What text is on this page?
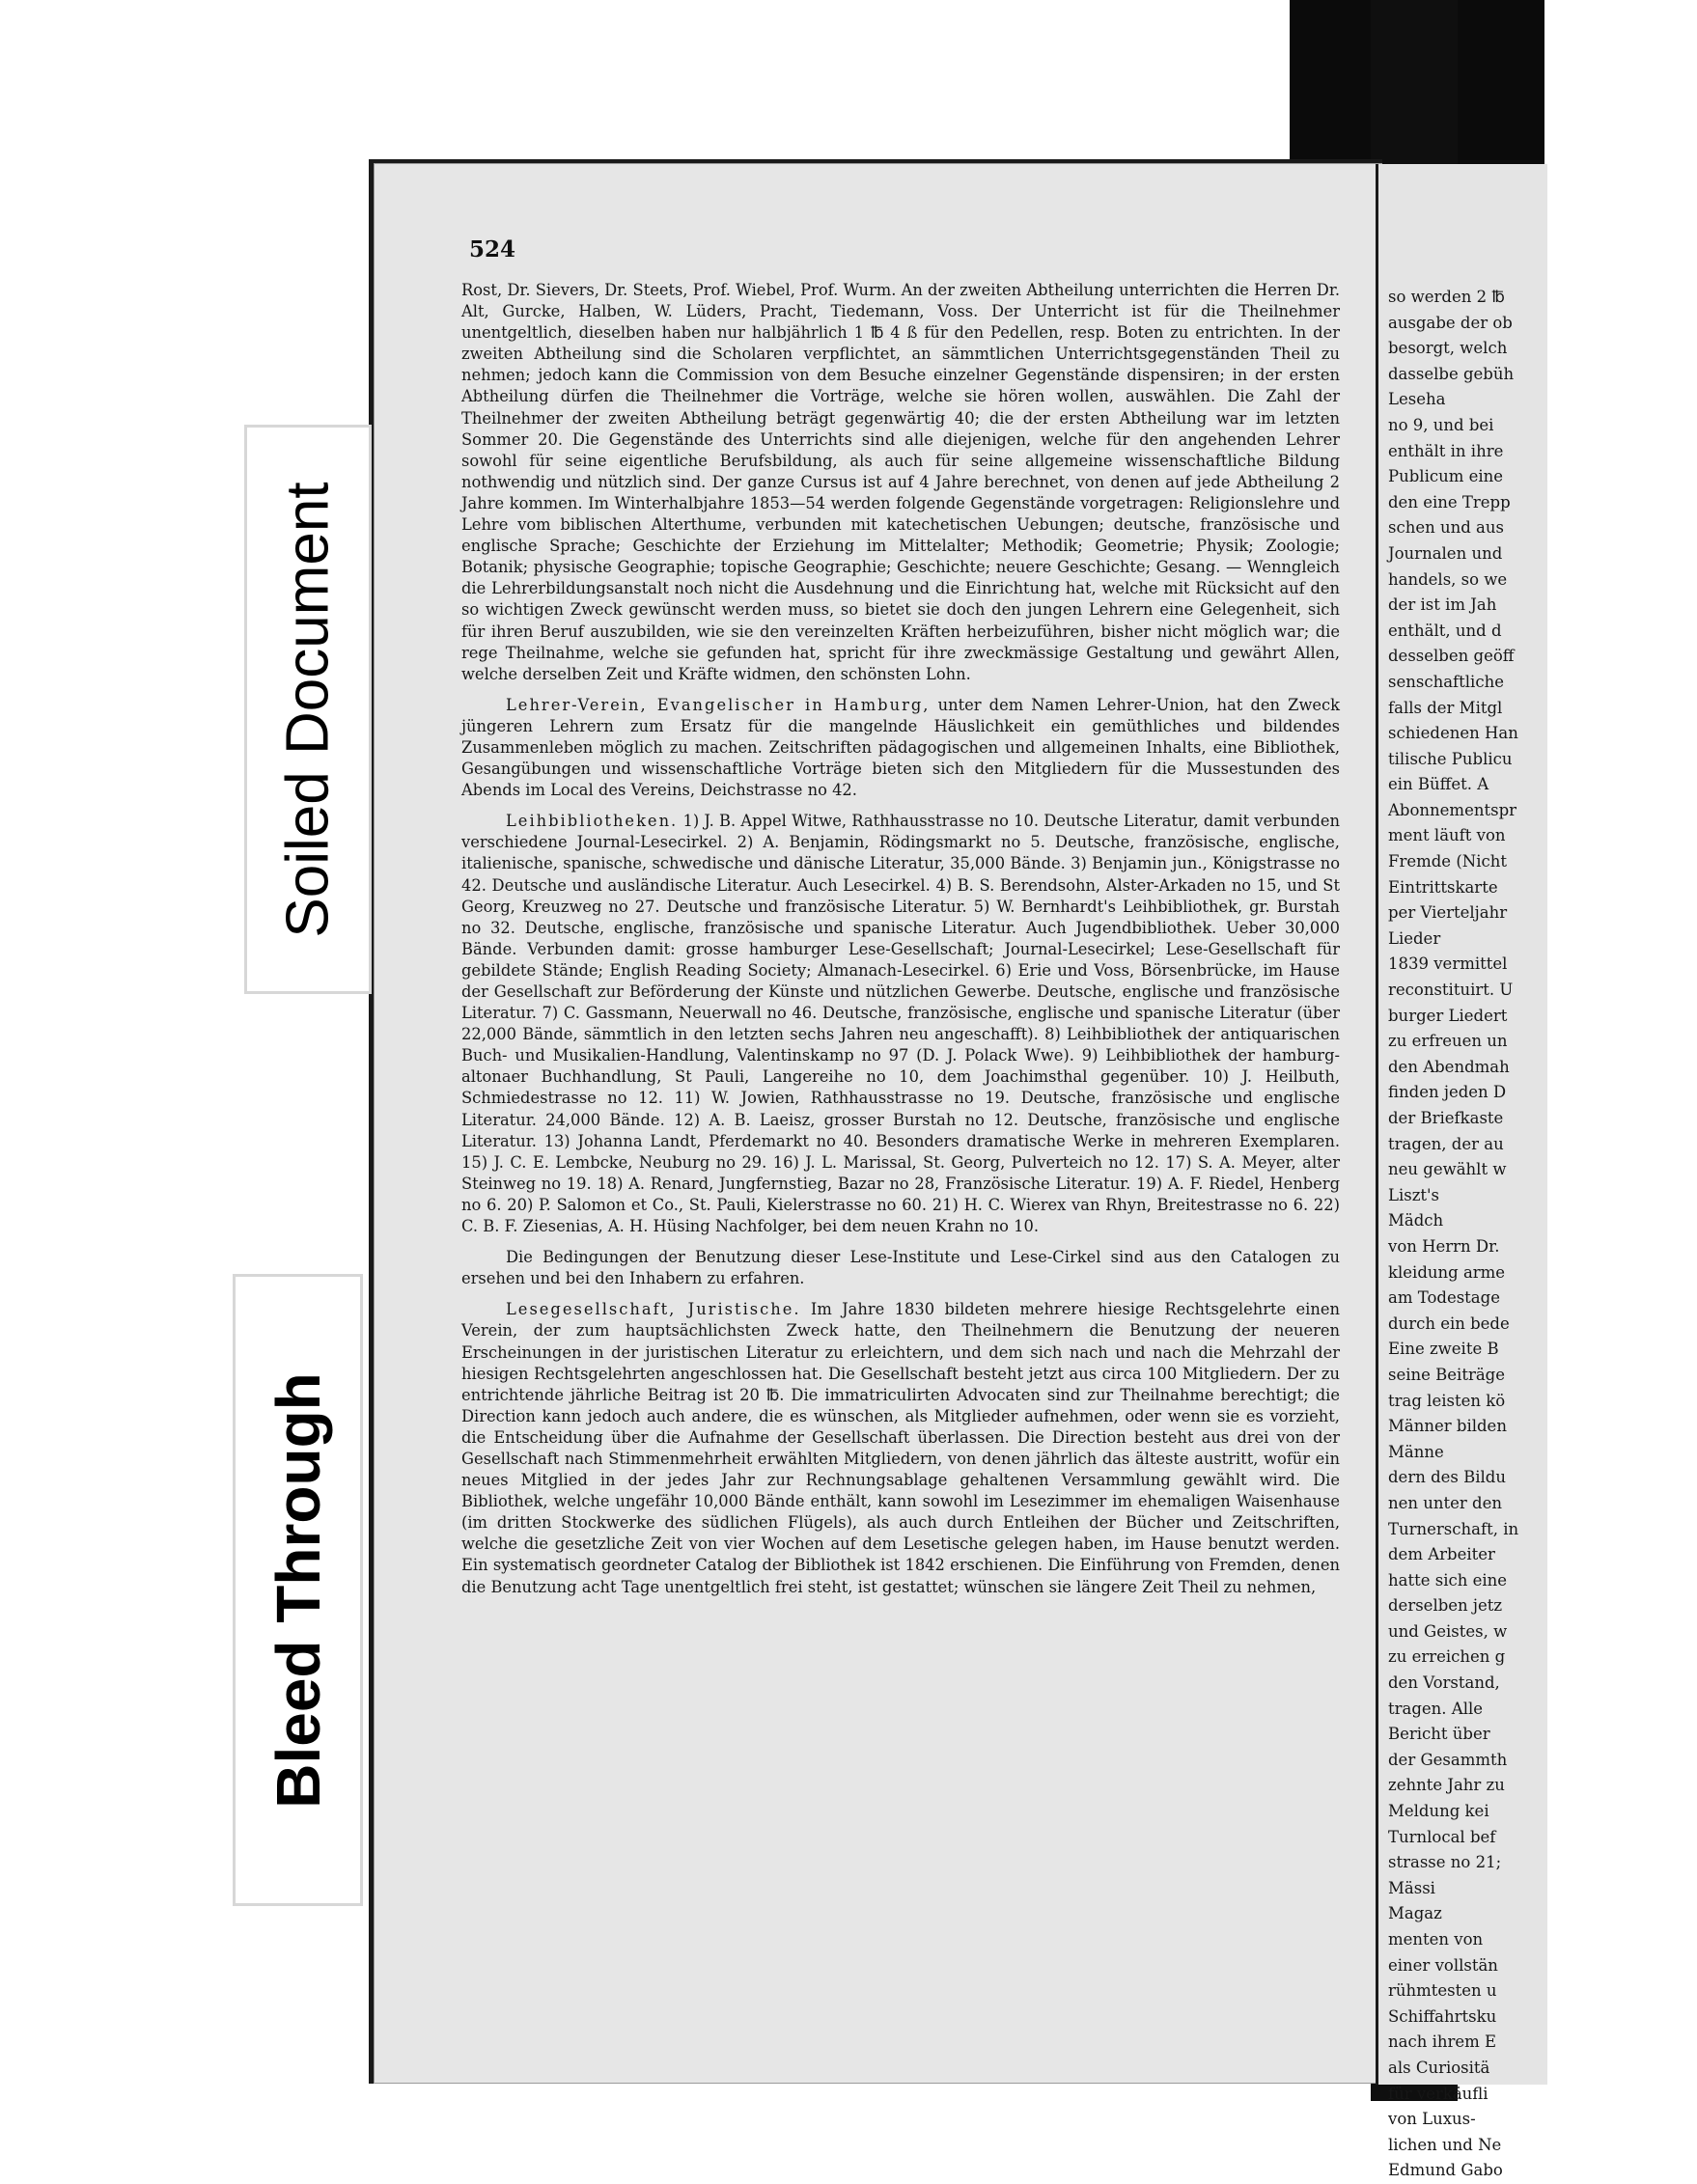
so werden 2 ℔
ausgabe der ob
besorgt, welch
dasselbe gebüh
Leseha
no 9, und bei
enthält in ihre
Publicum eine
den eine Trepp
schen und aus
Journalen und
handels, so we
der ist im Jah
enthält, und d
desselben geöff
senschaftliche
falls der Mitgl
schiedenen Han
tilische Publicu
ein Büffet. A
Abonnementspr
ment läuft von
Fremde (Nicht
Eintrittskarte
per Vierteljahr
Lieder
1839 vermittel
reconstituirt. U
burger Liedert
zu erfreuen un
den Abendmah
finden jeden D
der Briefkaste
tragen, der au
neu gewählt w
Liszt's
Mädch
von Herrn Dr.
kleidung arme
am Todestage
durch ein bede
Eine zweite B
seine Beiträge
trag leisten kö
Männer bilden
Männe
dern des Bildu
nen unter den
Turnerschaft, in
dem Arbeiter
hatte sich eine
derselben jetz
und Geistes, w
zu erreichen g
den Vorstand,
tragen. Alle
Bericht über
der Gesammth
zehnte Jahr zu
Meldung kei
Turnlocal bef
strasse no 21;
Mässi
Magaz
menten von
einer vollstän
rühmtesten u
Schiffahrtsku
nach ihrem E
als Curiositä
für verkäufli
von Luxus-
lichen und Ne
Edmund Gabo
524

Rost, Dr. Sievers, Dr. Steets, Prof. Wiebel, Prof. Wurm. An der zweiten Abtheilung unterrichten die Herren Dr. Alt, Gurcke, Halben, W. Lüders, Pracht, Tiedemann, Voss. Der Unterricht ist für die Theilnehmer unentgeltlich, dieselben haben nur halbjährlich 1 ℔ 4 ß für den Pedellen, resp. Boten zu entrichten. In der zweiten Abtheilung sind die Scholaren verpflichtet, an sämmtlichen Unterrichtsgegenständen Theil zu nehmen; jedoch kann die Commission von dem Besuche einzelner Gegenstände dispensiren; in der ersten Abtheilung dürfen die Theilnehmer die Vorträge, welche sie hören wollen, auswählen. Die Zahl der Theilnehmer der zweiten Abtheilung beträgt gegenwärtig 40; die der ersten Abtheilung war im letzten Sommer 20. Die Gegenstände des Unterrichts sind alle diejenigen, welche für den angehenden Lehrer sowohl für seine eigentliche Berufsbildung, als auch für seine allgemeine wissenschaftliche Bildung nothwendig und nützlich sind. Der ganze Cursus ist auf 4 Jahre berechnet, von denen auf jede Abtheilung 2 Jahre kommen. Im Winterhalbjahre 1853—54 werden folgende Gegenstände vorgetragen: Religionslehre und Lehre vom biblischen Alterthume, verbunden mit katechetischen Uebungen; deutsche, französische und englische Sprache; Geschichte der Erziehung im Mittelalter; Methodik; Geometrie; Physik; Zoologie; Botanik; physische Geographie; topische Geographie; Geschichte; neuere Geschichte; Gesang. — Wenngleich die Lehrerbildungsanstalt noch nicht die Ausdehnung und die Einrichtung hat, welche mit Rücksicht auf den so wichtigen Zweck gewünscht werden muss, so bietet sie doch den jungen Lehrern eine Gelegenheit, sich für ihren Beruf auszubilden, wie sie den vereinzelten Kräften herbeizuführen, bisher nicht möglich war; die rege Theilnahme, welche sie gefunden hat, spricht für ihre zweckmässige Gestaltung und gewährt Allen, welche derselben Zeit und Kräfte widmen, den schönsten Lohn.

Lehrer-Verein, Evangelischer in Hamburg, unter dem Namen Lehrer-Union, hat den Zweck jüngeren Lehrern zum Ersatz für die mangelnde Häuslichkeit ein gemüthliches und bildendes Zusammenleben möglich zu machen. Zeitschriften pädagogischen und allgemeinen Inhalts, eine Bibliothek, Gesangübungen und wissenschaftliche Vorträge bieten sich den Mitgliedern für die Mussestunden des Abends im Local des Vereins, Deichstrasse no 42.

Leihbibliotheken. 1) J. B. Appel Witwe, Rathhausstrasse no 10. Deutsche Literatur, damit verbunden verschiedene Journal-Lesecirkel. 2) A. Benjamin, Rödingsmarkt no 5. Deutsche, französische, englische, italienische, spanische, schwedische und dänische Literatur, 35,000 Bände. 3) Benjamin jun., Königstrasse no 42. Deutsche und ausländische Literatur. Auch Lesecirkel. 4) B. S. Berendsohn, Alster-Arkaden no 15, und St Georg, Kreuzweg no 27. Deutsche und französische Literatur. 5) W. Bernhardt's Leihbibliothek, gr. Burstah no 32. Deutsche, englische, französische und spanische Literatur. Auch Jugendbibliothek. Ueber 30,000 Bände. Verbunden damit: grosse hamburger Lese-Gesellschaft; Journal-Lesecirkel; Lese-Gesellschaft für gebildete Stände; English Reading Society; Almanach-Lesecirkel. 6) Erie und Voss, Börsenbrücke, im Hause der Gesellschaft zur Beförderung der Künste und nützlichen Gewerbe. Deutsche, englische und französische Literatur. 7) C. Gassmann, Neuerwall no 46. Deutsche, französische, englische und spanische Literatur (über 22,000 Bände, sämmtlich in den letzten sechs Jahren neu angeschafft). 8) Leihbibliothek der antiquarischen Buch- und Musikalien-Handlung, Valentinskamp no 97 (D. J. Polack Wwe). 9) Leihbibliothek der hamburg-altonaer Buchhandlung, St Pauli, Langereihe no 10, dem Joachimsthal gegenüber. 10) J. Heilbuth, Schmiedestrasse no 12. 11) W. Jowien, Rathhausstrasse no 19. Deutsche, französische und englische Literatur. 24,000 Bände. 12) A. B. Laeisz, grosser Burstah no 12. Deutsche, französische und englische Literatur. 13) Johanna Landt, Pferdemarkt no 40. Besonders dramatische Werke in mehreren Exemplaren. 15) J. C. E. Lembcke, Neuburg no 29. 16) J. L. Marissal, St. Georg, Pulverteich no 12. 17) S. A. Meyer, alter Steinweg no 19. 18) A. Renard, Jungfernstieg, Bazar no 28, Französische Literatur. 19) A. F. Riedel, Henberg no 6. 20) P. Salomon et Co., St. Pauli, Kielerstrasse no 60. 21) H. C. Wierex van Rhyn, Breitestrasse no 6. 22) C. B. F. Ziesenias, A. H. Hüsing Nachfolger, bei dem neuen Krahn no 10.

Die Bedingungen der Benutzung dieser Lese-Institute und Lese-Cirkel sind aus den Catalogen zu ersehen und bei den Inhabern zu erfahren.

Lesegesellschaft, Juristische. Im Jahre 1830 bildeten mehrere hiesige Rechtsgelehrte einen Verein, der zum hauptsächlichsten Zweck hatte, den Theilnehmern die Benutzung der neueren Erscheinungen in der juristischen Literatur zu erleichtern, und dem sich nach und nach die Mehrzahl der hiesigen Rechtsgelehrten angeschlossen hat. Die Gesellschaft besteht jetzt aus circa 100 Mitgliedern. Der zu entrichtende jährliche Beitrag ist 20 ℔. Die immatriculirten Advocaten sind zur Theilnahme berechtigt; die Direction kann jedoch auch andere, die es wünschen, als Mitglieder aufnehmen, oder wenn sie es vorzieht, die Entscheidung über die Aufnahme der Gesellschaft überlassen. Die Direction besteht aus drei von der Gesellschaft nach Stimmenmehrheit erwählten Mitgliedern, von denen jährlich das älteste austritt, wofür ein neues Mitglied in der jedes Jahr zur Rechnungsablage gehaltenen Versammlung gewählt wird. Die Bibliothek, welche ungefähr 10,000 Bände enthält, kann sowohl im Lesezimmer im ehemaligen Waisenhause (im dritten Stockwerke des südlichen Flügels), als auch durch Entleihen der Bücher und Zeitschriften, welche die gesetzliche Zeit von vier Wochen auf dem Lesetische gelegen haben, im Hause benutzt werden. Ein systematisch geordneter Catalog der Bibliothek ist 1842 erschienen. Die Einführung von Fremden, denen die Benutzung acht Tage unentgeltlich frei steht, ist gestattet; wünschen sie längere Zeit Theil zu nehmen,

Soiled Document
Bleed Through
